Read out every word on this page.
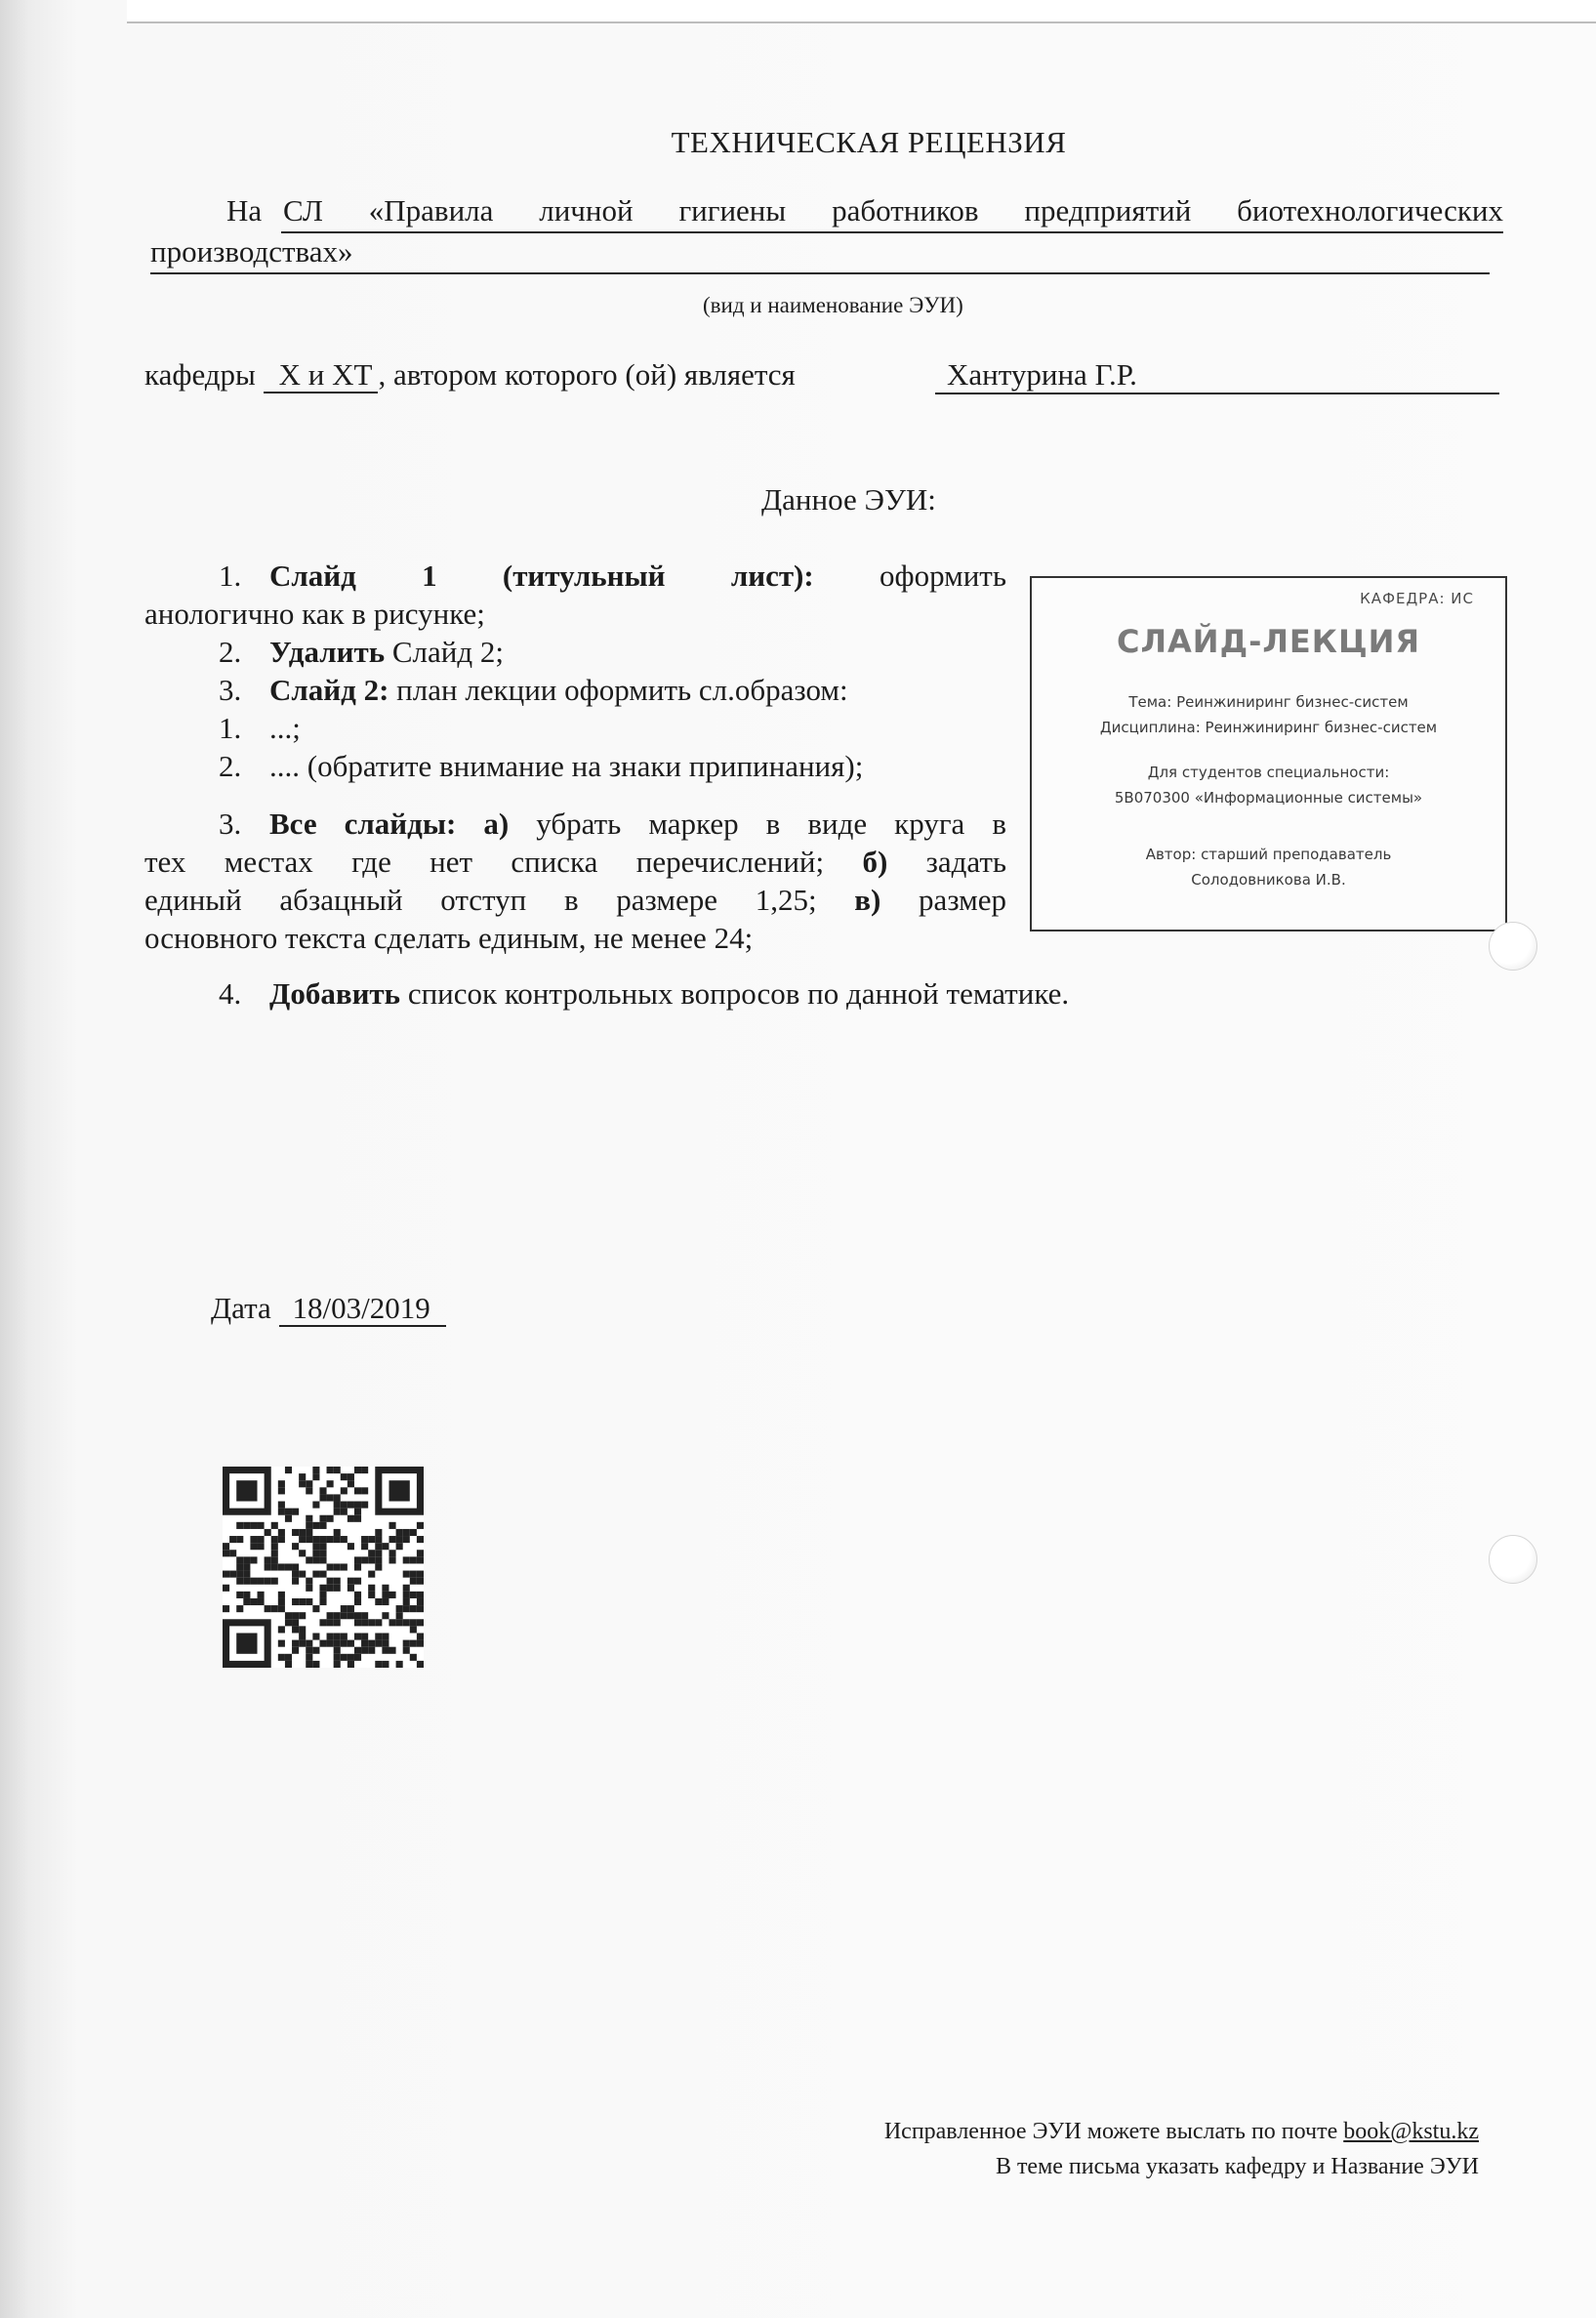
ТЕХНИЧЕСКАЯ РЕЦЕНЗИЯ
На СЛ «Правила личной гигиены работников предприятий биотехнологических
производствах»
(вид и наименование ЭУИ)
кафедры Х и ХТ , автором которого (ой) является	Хантурина Г.Р.
Данное ЭУИ:
1. Слайд 1 (титульный лист): оформить
анологично как в рисунке;
2. Удалить Слайд 2;
3. Слайд 2: план лекции оформить сл.образом:
1. ...;
2. .... (обратите внимание на знаки припинания);
3. Все слайды: а) убрать маркер в виде круга в
тех местах где нет списка перечислений; б) задать
единый абзацный отступ в размере 1,25; в) размер
основного текста сделать единым, не менее 24;
4. Добавить список контрольных вопросов по данной тематике.
КАФЕДРА: ИС
СЛАЙД-ЛЕКЦИЯ
Тема: Реинжиниринг бизнес-систем
Дисциплина: Реинжиниринг бизнес-систем
Для студентов специальности:
5В070300 «Информационные системы»
Автор: старший преподаватель
Солодовникова И.В.
Дата 18/03/2019
Исправленное ЭУИ можете выслать по почте book@kstu.kz
В теме письма указать кафедру и Название ЭУИ
